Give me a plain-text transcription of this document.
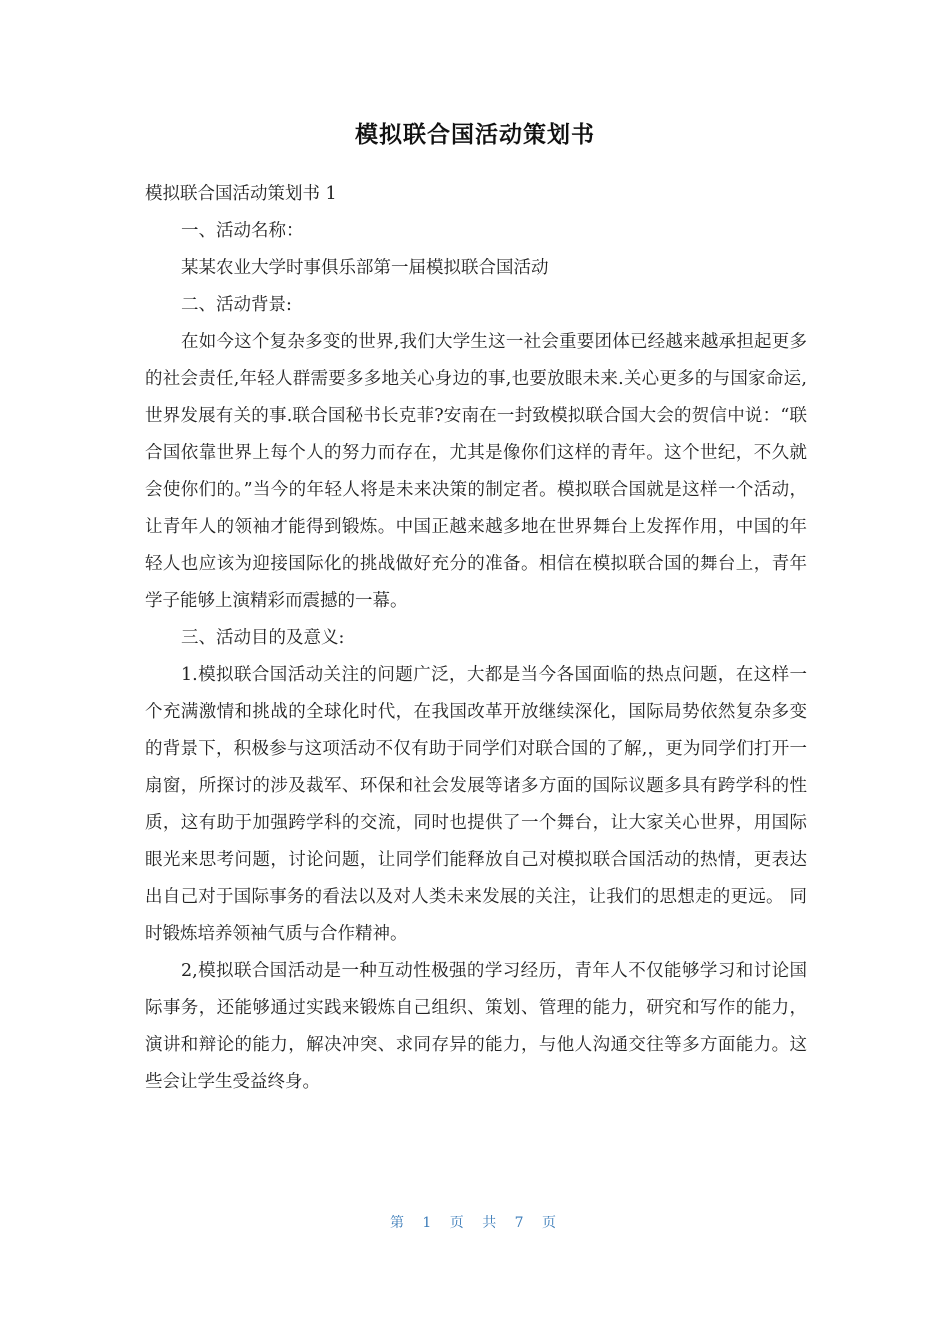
模拟联合国活动策划书

模拟联合国活动策划书 1

一、活动名称：

某某农业大学时事俱乐部第一届模拟联合国活动

二、活动背景:

在如今这个复杂多变的世界,我们大学生这一社会重要团体已经越来越承担起更多的社会责任,年轻人群需要多多地关心身边的事,也要放眼未来.关心更多的与国家命运,世界发展有关的事.联合国秘书长克菲?安南在一封致模拟联合国大会的贺信中说：“联合国依靠世界上每个人的努力而存在，尤其是像你们这样的青年。这个世纪，不久就会使你们的。”当今的年轻人将是未来决策的制定者。模拟联合国就是这样一个活动，让青年人的领袖才能得到锻炼。中国正越来越多地在世界舞台上发挥作用，中国的年轻人也应该为迎接国际化的挑战做好充分的准备。相信在模拟联合国的舞台上，青年学子能够上演精彩而震撼的一幕。

三、活动目的及意义:

1.模拟联合国活动关注的问题广泛，大都是当今各国面临的热点问题，在这样一个充满激情和挑战的全球化时代，在我国改革开放继续深化，国际局势依然复杂多变的背景下，积极参与这项活动不仅有助于同学们对联合国的了解,，更为同学们打开一扇窗，所探讨的涉及裁军、环保和社会发展等诸多方面的国际议题多具有跨学科的性质，这有助于加强跨学科的交流，同时也提供了一个舞台，让大家关心世界，用国际眼光来思考问题，讨论问题，让同学们能释放自己对模拟联合国活动的热情，更表达出自己对于国际事务的看法以及对人类未来发展的关注，让我们的思想走的更远。 同时锻炼培养领袖气质与合作精神。

2,模拟联合国活动是一种互动性极强的学习经历，青年人不仅能够学习和讨论国际事务，还能够通过实践来锻炼自己组织、策划、管理的能力，研究和写作的能力，演讲和辩论的能力，解决冲突、求同存异的能力，与他人沟通交往等多方面能力。这些会让学生受益终身。

第 1 页 共 7 页
